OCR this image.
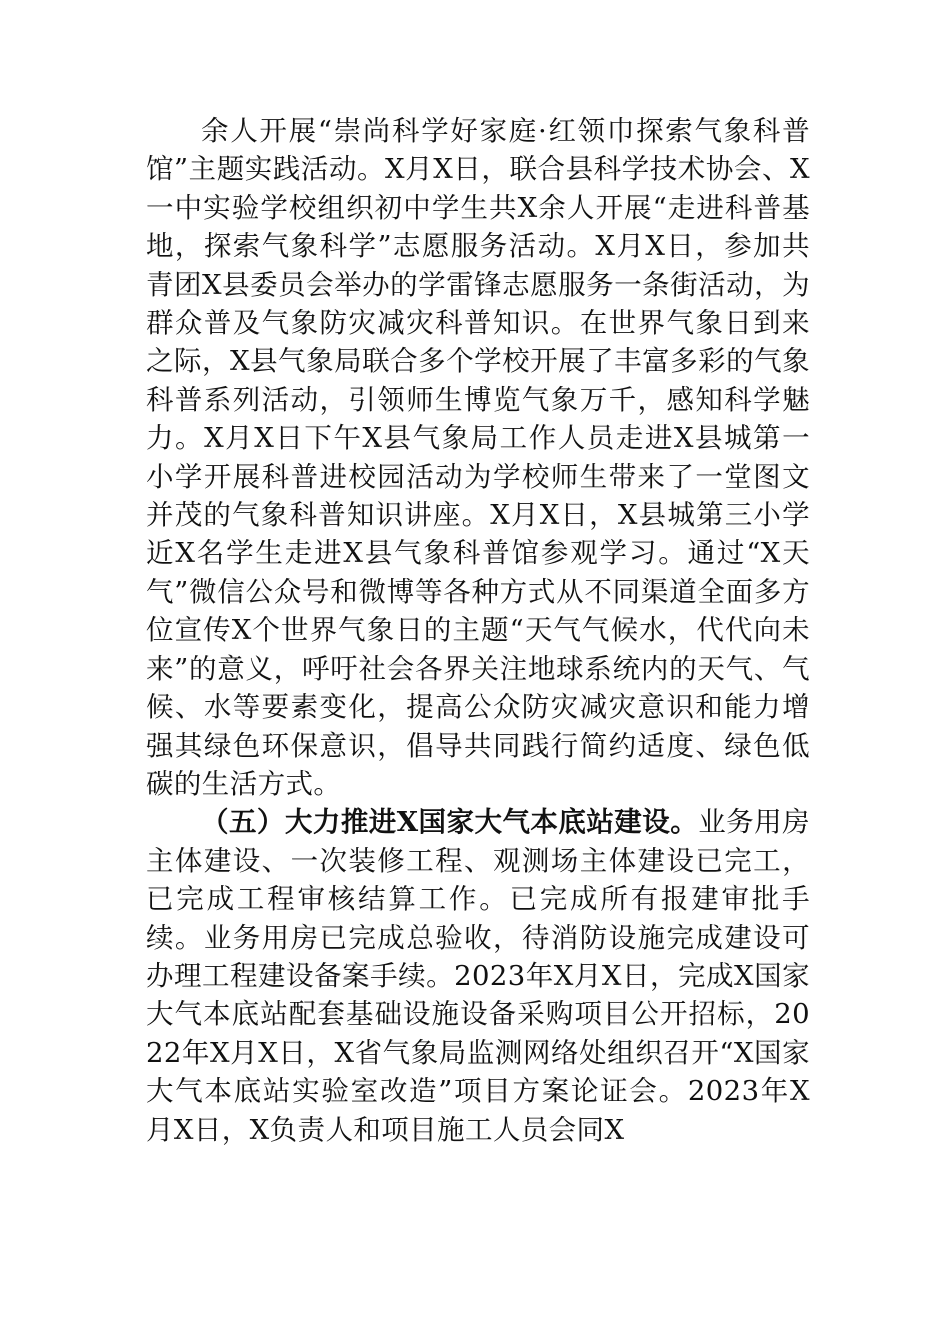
余人开展“崇尚科学好家庭·红领巾探索气象科普馆”主题实践活动。X月X日，联合县科学技术协会、X一中实验学校组织初中学生共X余人开展“走进科普基地，探索气象科学”志愿服务活动。X月X日，参加共青团X县委员会举办的学雷锋志愿服务一条街活动，为群众普及气象防灾减灾科普知识。在世界气象日到来之际，X县气象局联合多个学校开展了丰富多彩的气象科普系列活动，引领师生博览气象万千，感知科学魅力。X月X日下午X县气象局工作人员走进X县城第一小学开展科普进校园活动为学校师生带来了一堂图文并茂的气象科普知识讲座。X月X日，X县城第三小学近X名学生走进X县气象科普馆参观学习。通过“X天气”微信公众号和微博等各种方式从不同渠道全面多方位宣传X个世界气象日的主题“天气气候水，代代向未来”的意义，呼吁社会各界关注地球系统内的天气、气候、水等要素变化，提高公众防灾减灾意识和能力增强其绿色环保意识，倡导共同践行简约适度、绿色低碳的生活方式。

（五）大力推进X国家大气本底站建设。业务用房主体建设、一次装修工程、观测场主体建设已完工，已完成工程审核结算工作。已完成所有报建审批手续。业务用房已完成总验收，待消防设施完成建设可办理工程建设备案手续。2023年X月X日，完成X国家大气本底站配套基础设施设备采购项目公开招标，2022年X月X日，X省气象局监测网络处组织召开“X国家大气本底站实验室改造”项目方案论证会。2023年X月X日，X负责人和项目施工人员会同X
